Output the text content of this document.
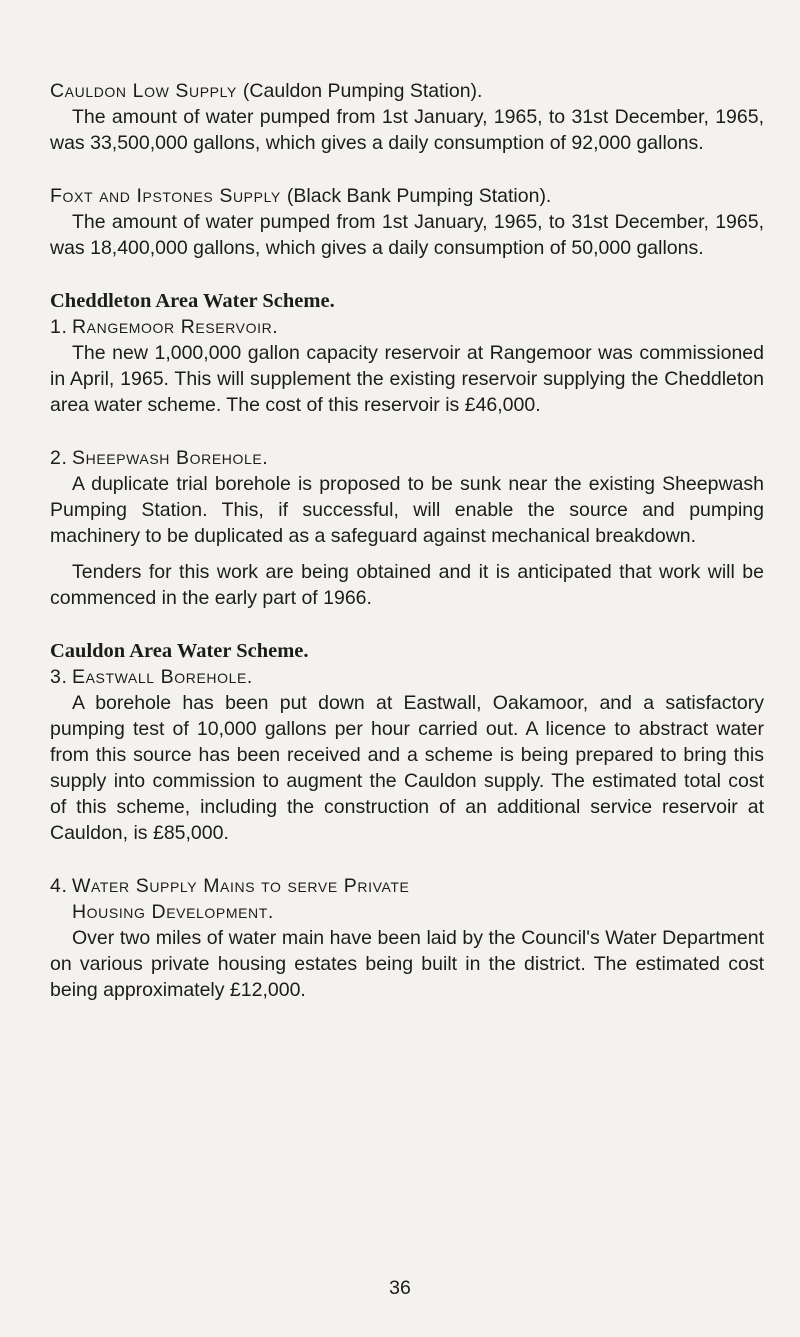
Cauldon Low Supply (Cauldon Pumping Station).

The amount of water pumped from 1st January, 1965, to 31st December, 1965, was 33,500,000 gallons, which gives a daily consumption of 92,000 gallons.

Foxt and Ipstones Supply (Black Bank Pumping Station).

The amount of water pumped from 1st January, 1965, to 31st December, 1965, was 18,400,000 gallons, which gives a daily consumption of 50,000 gallons.

Cheddleton Area Water Scheme.

1. Rangemoor Reservoir.

The new 1,000,000 gallon capacity reservoir at Rangemoor was commissioned in April, 1965. This will supplement the existing reservoir supplying the Cheddleton area water scheme. The cost of this reservoir is £46,000.

2. Sheepwash Borehole.

A duplicate trial borehole is proposed to be sunk near the existing Sheepwash Pumping Station. This, if successful, will enable the source and pumping machinery to be duplicated as a safeguard against mechanical breakdown.

Tenders for this work are being obtained and it is anticipated that work will be commenced in the early part of 1966.

Cauldon Area Water Scheme.

3. Eastwall Borehole.

A borehole has been put down at Eastwall, Oakamoor, and a satisfactory pumping test of 10,000 gallons per hour carried out. A licence to abstract water from this source has been received and a scheme is being prepared to bring this supply into commission to augment the Cauldon supply. The estimated total cost of this scheme, including the construction of an additional service reservoir at Cauldon, is £85,000.

4. Water Supply Mains to serve Private

Housing Development.

Over two miles of water main have been laid by the Council's Water Department on various private housing estates being built in the district. The estimated cost being approximately £12,000.

36
